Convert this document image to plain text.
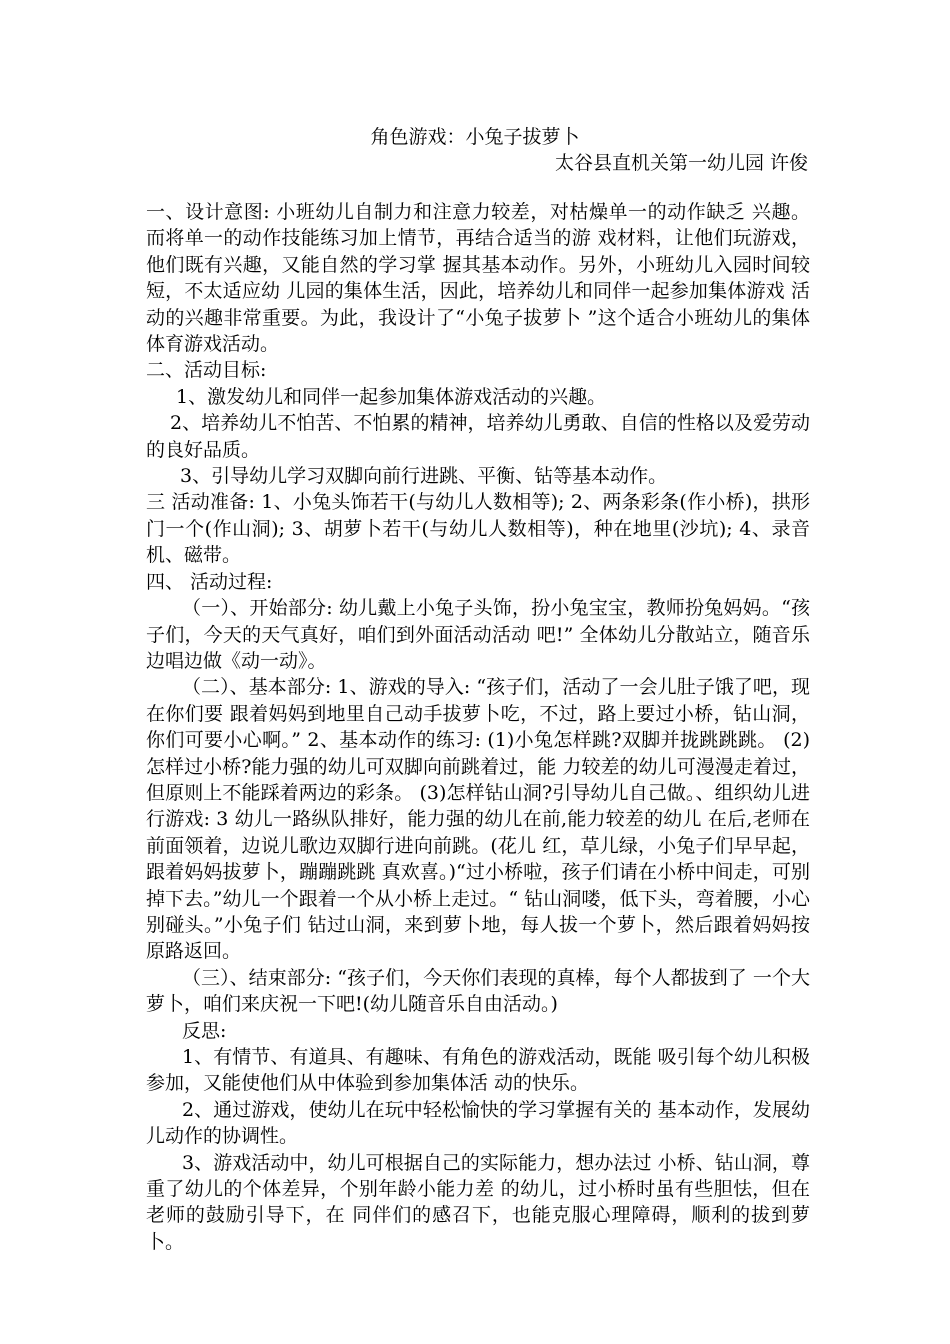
角色游戏：小兔子拔萝卜
太谷县直机关第一幼儿园 许俊

一、设计意图: 小班幼儿自制力和注意力较差，对枯燥单一的动作缺乏 兴趣。而将单一的动作技能练习加上情节，再结合适当的游 戏材料，让他们玩游戏，他们既有兴趣，又能自然的学习掌 握其基本动作。另外，小班幼儿入园时间较短，不太适应幼 儿园的集体生活，因此，培养幼儿和同伴一起参加集体游戏 活动的兴趣非常重要。为此，我设计了“小兔子拔萝卜 ”这个适合小班幼儿的集体体育游戏活动。

二、活动目标:

1、激发幼儿和同伴一起参加集体游戏活动的兴趣。

2、培养幼儿不怕苦、不怕累的精神，培养幼儿勇敢、自信的性格以及爱劳动的良好品质。

3、引导幼儿学习双脚向前行进跳、平衡、钻等基本动作。

三 活动准备: 1、小兔头饰若干(与幼儿人数相等); 2、两条彩条(作小桥)，拱形门一个(作山洞); 3、胡萝卜若干(与幼儿人数相等)，种在地里(沙坑); 4、录音机、磁带。

四、 活动过程:

（一）、开始部分: 幼儿戴上小兔子头饰，扮小兔宝宝，教师扮兔妈妈。“孩子们，今天的天气真好，咱们到外面活动活动 吧!” 全体幼儿分散站立，随音乐边唱边做《动一动》。

（二）、基本部分: 1、游戏的导入: “孩子们，活动了一会儿肚子饿了吧，现在你们要 跟着妈妈到地里自己动手拔萝卜吃，不过，路上要过小桥，钻山洞，你们可要小心啊。” 2、基本动作的练习: (1)小兔怎样跳?双脚并拢跳跳跳。 (2)怎样过小桥?能力强的幼儿可双脚向前跳着过，能 力较差的幼儿可漫漫走着过，但原则上不能踩着两边的彩条。 (3)怎样钻山洞?引导幼儿自己做。、组织幼儿进行游戏: 3 幼儿一路纵队排好，能力强的幼儿在前,能力较差的幼儿 在后,老师在前面领着，边说儿歌边双脚行进向前跳。(花儿 红，草儿绿，小兔子们早早起，跟着妈妈拔萝卜，蹦蹦跳跳 真欢喜。)“过小桥啦，孩子们请在小桥中间走，可别 掉下去。”幼儿一个跟着一个从小桥上走过。“ 钻山洞喽，低下头，弯着腰，小心别碰头。”小兔子们 钻过山洞，来到萝卜地，每人拔一个萝卜，然后跟着妈妈按 原路返回。

（三）、结束部分: “孩子们，今天你们表现的真棒，每个人都拔到了 一个大萝卜，咱们来庆祝一下吧!(幼儿随音乐自由活动。)

反思:

1、有情节、有道具、有趣味、有角色的游戏活动，既能 吸引每个幼儿积极参加，又能使他们从中体验到参加集体活 动的快乐。

2、通过游戏，使幼儿在玩中轻松愉快的学习掌握有关的 基本动作，发展幼儿动作的协调性。

3、游戏活动中，幼儿可根据自己的实际能力，想办法过 小桥、钻山洞，尊重了幼儿的个体差异，个别年龄小能力差 的幼儿，过小桥时虽有些胆怯，但在老师的鼓励引导下，在 同伴们的感召下，也能克服心理障碍，顺利的拔到萝卜。
